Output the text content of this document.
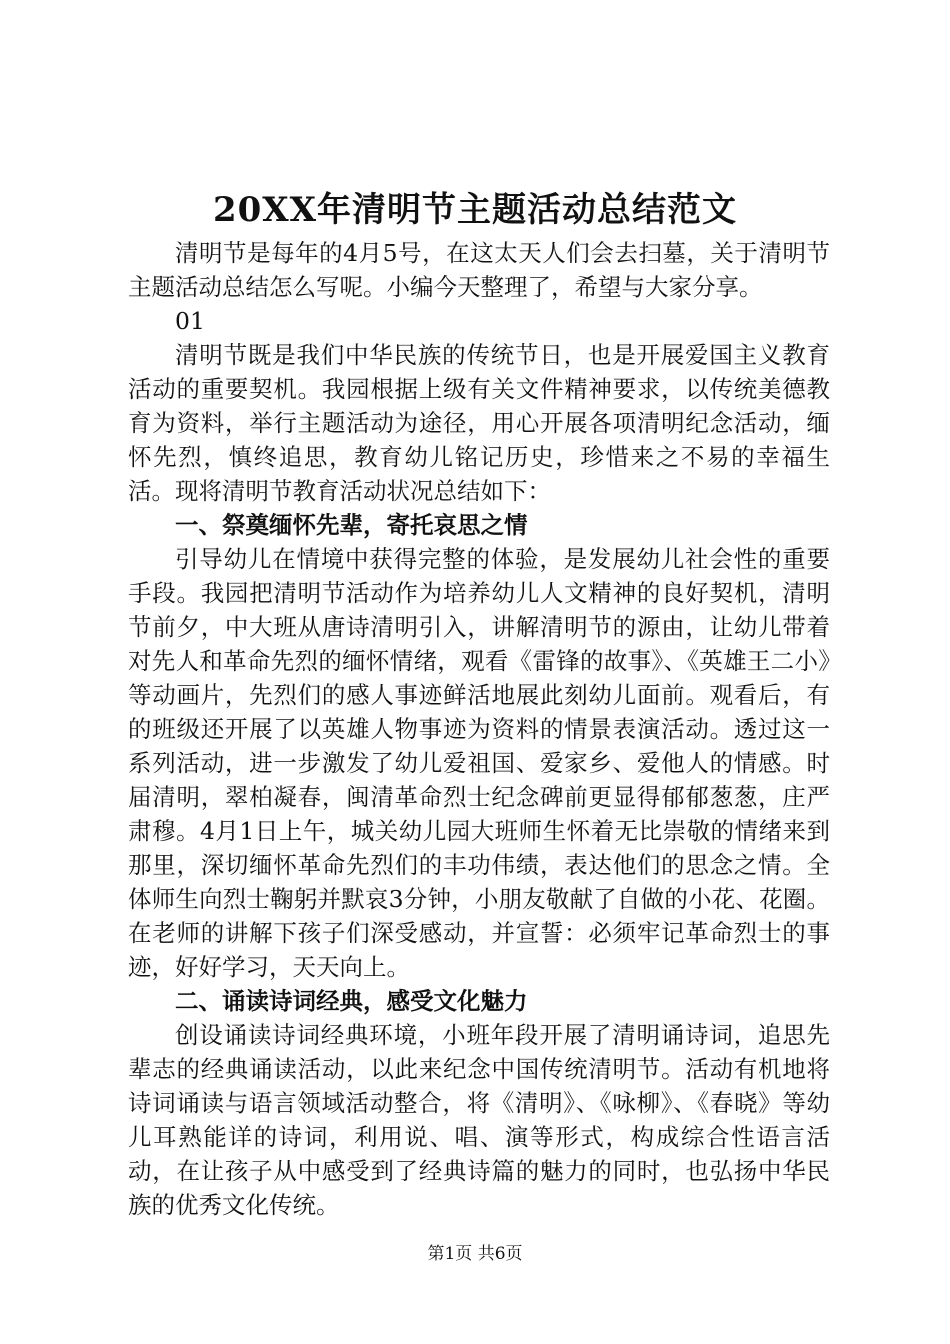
20XX年清明节主题活动总结范文

清明节是每年的4月5号，在这太天人们会去扫墓，关于清明节主题活动总结怎么写呢。小编今天整理了，希望与大家分享。

01

清明节既是我们中华民族的传统节日，也是开展爱国主义教育活动的重要契机。我园根据上级有关文件精神要求，以传统美德教育为资料，举行主题活动为途径，用心开展各项清明纪念活动，缅怀先烈，慎终追思，教育幼儿铭记历史，珍惜来之不易的幸福生活。现将清明节教育活动状况总结如下：

一、祭奠缅怀先辈，寄托哀思之情

引导幼儿在情境中获得完整的体验，是发展幼儿社会性的重要手段。我园把清明节活动作为培养幼儿人文精神的良好契机，清明节前夕，中大班从唐诗清明引入，讲解清明节的源由，让幼儿带着对先人和革命先烈的缅怀情绪，观看《雷锋的故事》、《英雄王二小》等动画片，先烈们的感人事迹鲜活地展此刻幼儿面前。观看后，有的班级还开展了以英雄人物事迹为资料的情景表演活动。透过这一系列活动，进一步激发了幼儿爱祖国、爱家乡、爱他人的情感。时届清明，翠柏凝春，闽清革命烈士纪念碑前更显得郁郁葱葱，庄严肃穆。4月1日上午，城关幼儿园大班师生怀着无比崇敬的情绪来到那里，深切缅怀革命先烈们的丰功伟绩，表达他们的思念之情。全体师生向烈士鞠躬并默哀3分钟，小朋友敬献了自做的小花、花圈。在老师的讲解下孩子们深受感动，并宣誓：必须牢记革命烈士的事迹，好好学习，天天向上。

二、诵读诗词经典，感受文化魅力

创设诵读诗词经典环境，小班年段开展了清明诵诗词，追思先辈志的经典诵读活动，以此来纪念中国传统清明节。活动有机地将诗词诵读与语言领域活动整合，将《清明》、《咏柳》、《春晓》等幼儿耳熟能详的诗词，利用说、唱、演等形式，构成综合性语言活动，在让孩子从中感受到了经典诗篇的魅力的同时，也弘扬中华民族的优秀文化传统。

第1页 共6页
